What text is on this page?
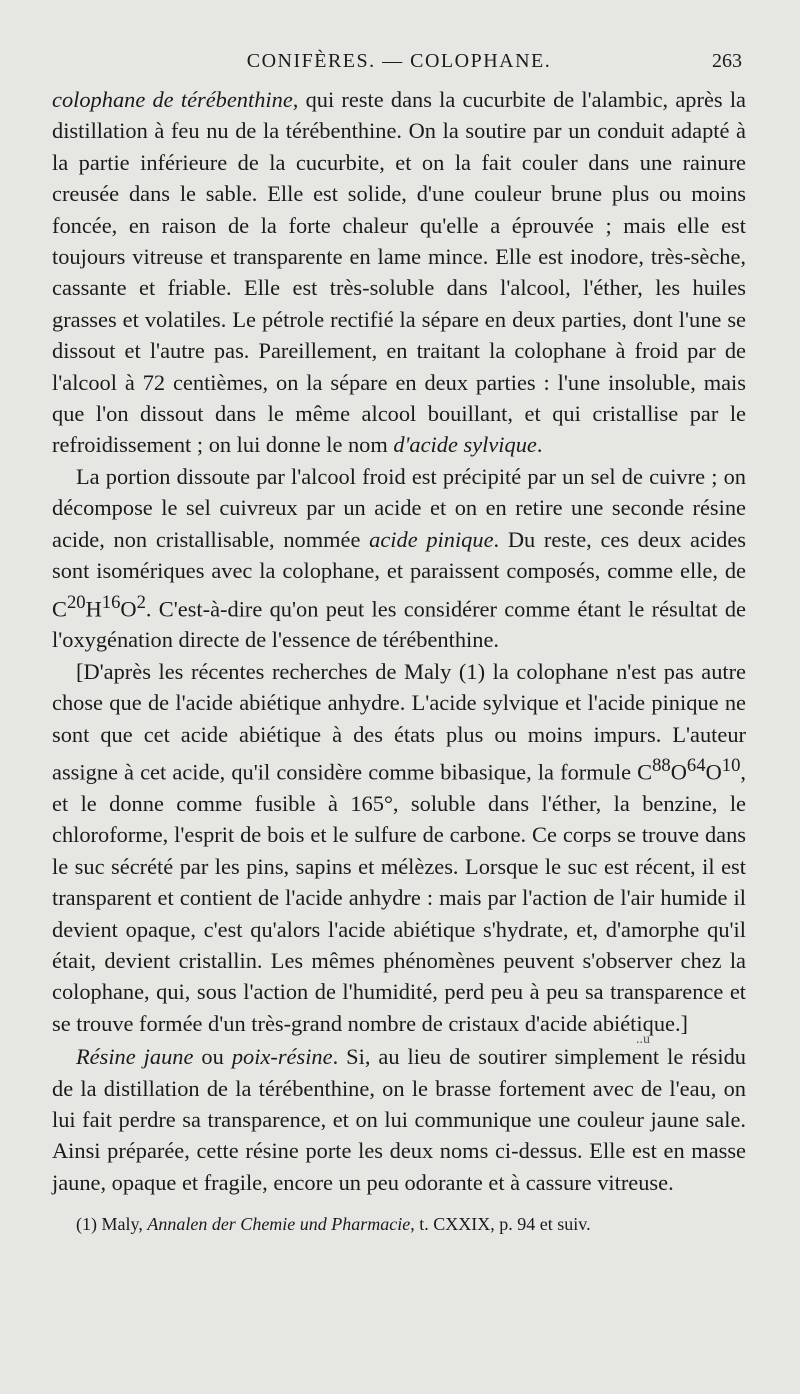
CONIFÈRES. — COLOPHANE.	263

colophane de térébenthine, qui reste dans la cucurbite de l'alambic, après la distillation à feu nu de la térébenthine. On la soutire par un conduit adapté à la partie inférieure de la cucurbite, et on la fait couler dans une rainure creusée dans le sable. Elle est solide, d'une couleur brune plus ou moins foncée, en raison de la forte chaleur qu'elle a éprouvée ; mais elle est toujours vitreuse et transparente en lame mince. Elle est inodore, très-sèche, cassante et friable. Elle est très-soluble dans l'alcool, l'éther, les huiles grasses et volatiles. Le pétrole rectifié la sépare en deux parties, dont l'une se dissout et l'autre pas. Pareillement, en traitant la colophane à froid par de l'alcool à 72 centièmes, on la sépare en deux parties : l'une insoluble, mais que l'on dissout dans le même alcool bouillant, et qui cristallise par le refroidissement ; on lui donne le nom d'acide sylvique.

La portion dissoute par l'alcool froid est précipité par un sel de cuivre ; on décompose le sel cuivreux par un acide et on en retire une seconde résine acide, non cristallisable, nommée acide pinique. Du reste, ces deux acides sont isomériques avec la colophane, et paraissent composés, comme elle, de $C^{20}H^{16}O^2$. C'est-à-dire qu'on peut les considérer comme étant le résultat de l'oxygénation directe de l'essence de térébenthine.

[D'après les récentes recherches de Maly (1) la colophane n'est pas autre chose que de l'acide abiétique anhydre. L'acide sylvique et l'acide pinique ne sont que cet acide abiétique à des états plus ou moins impurs. L'auteur assigne à cet acide, qu'il considère comme bibasique, la formule $C^{88}O^{64}O^{10}$, et le donne comme fusible à 165°, soluble dans l'éther, la benzine, le chloroforme, l'esprit de bois et le sulfure de carbone. Ce corps se trouve dans le suc sécrété par les pins, sapins et mélèzes. Lorsque le suc est récent, il est transparent et contient de l'acide anhydre : mais par l'action de l'air humide il devient opaque, c'est qu'alors l'acide abiétique s'hydrate, et, d'amorphe qu'il était, devient cristallin. Les mêmes phénomènes peuvent s'observer chez la colophane, qui, sous l'action de l'humidité, perd peu à peu sa transparence et se trouve formée d'un très-grand nombre de cristaux d'acide abiétique.]

..u

Résine jaune ou poix-résine. Si, au lieu de soutirer simplement le résidu de la distillation de la térébenthine, on le brasse fortement avec de l'eau, on lui fait perdre sa transparence, et on lui communique une couleur jaune sale. Ainsi préparée, cette résine porte les deux noms ci-dessus. Elle est en masse jaune, opaque et fragile, encore un peu odorante et à cassure vitreuse.

(1) Maly, Annalen der Chemie und Pharmacie, t. CXXIX, p. 94 et suiv.
